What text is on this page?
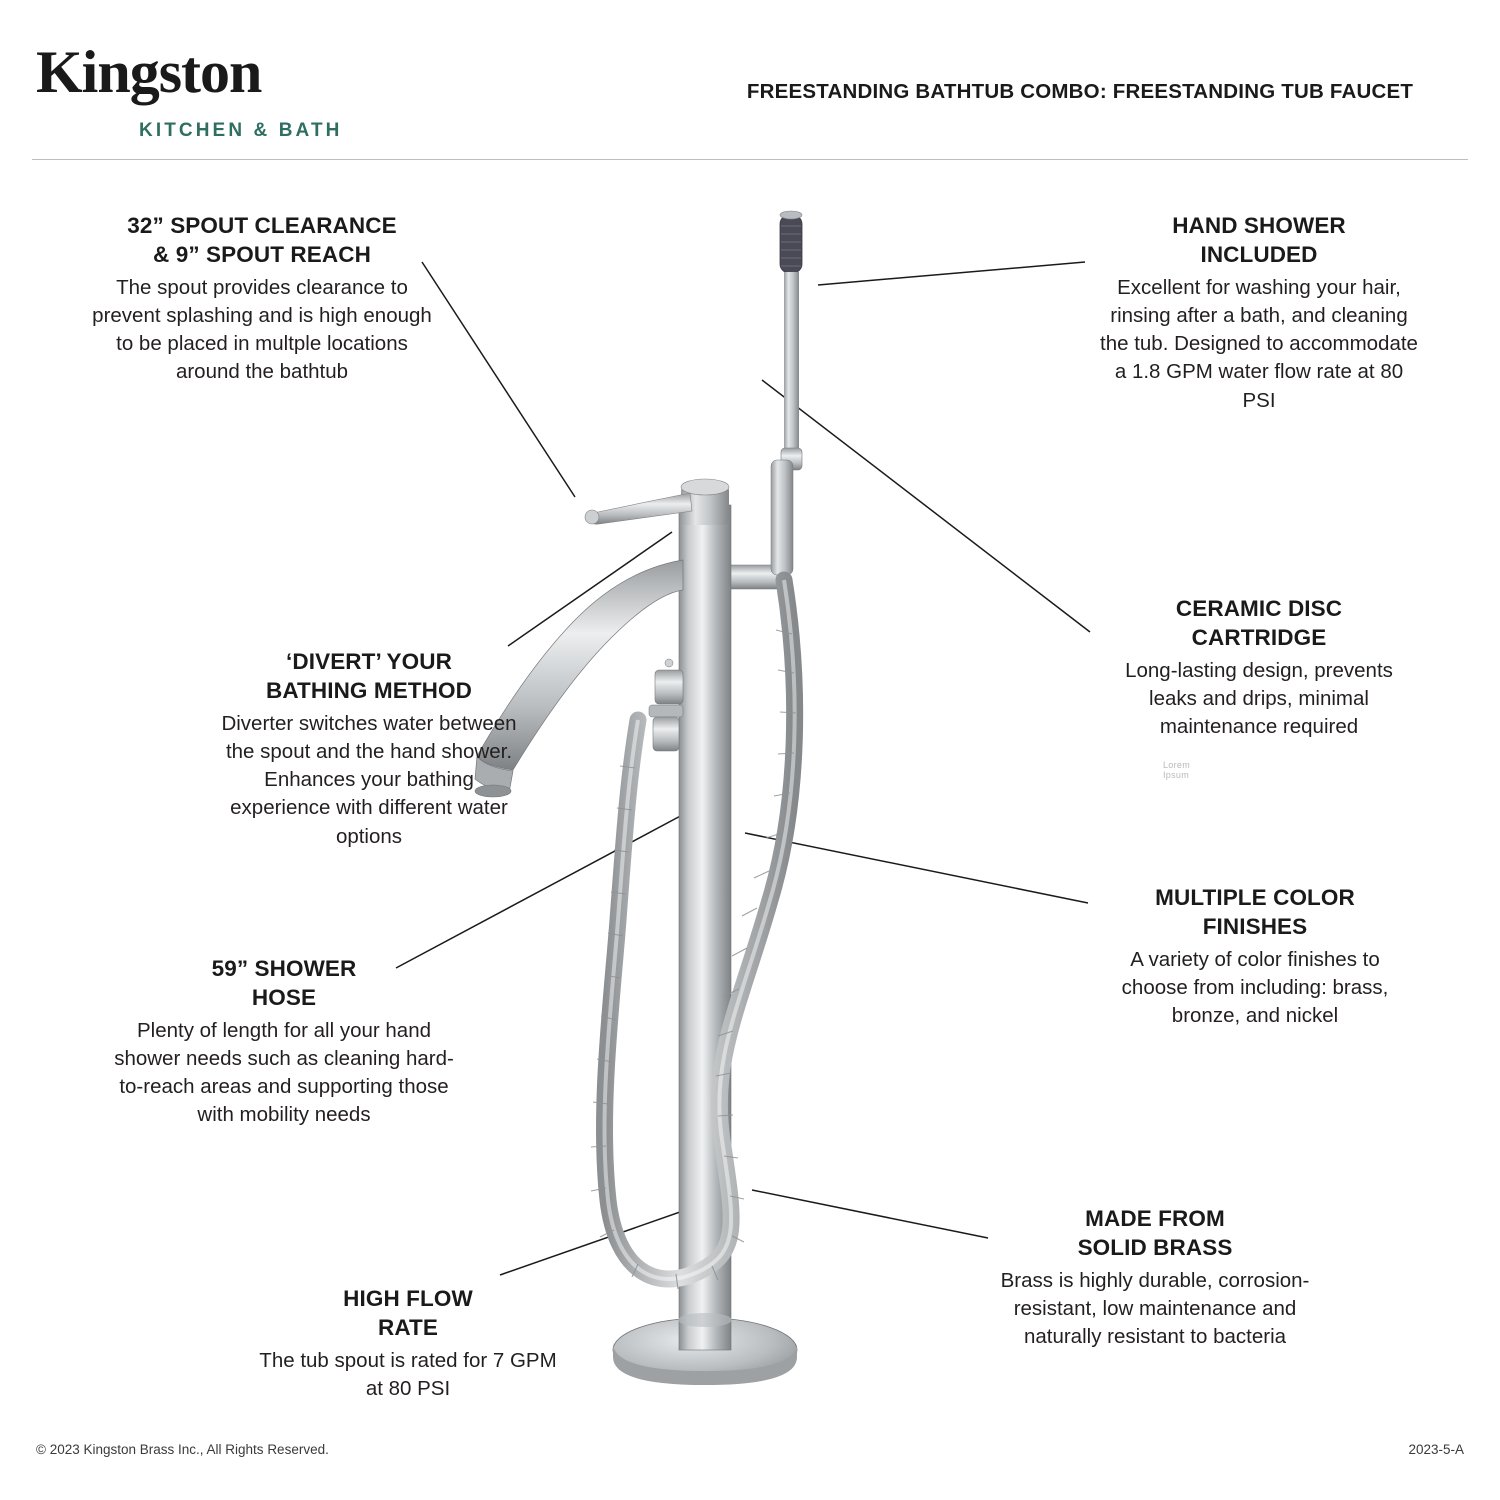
Kingston
KITCHEN & BATH
FREESTANDING BATHTUB COMBO: FREESTANDING TUB FAUCET
Lorem Ipsum
32” SPOUT CLEARANCE
& 9” SPOUT REACH
The spout provides clearance to prevent splashing and is high enough to be placed in multple locations around the bathtub
‘DIVERT’ YOUR
BATHING METHOD
Diverter switches water between the spout and the hand shower. Enhances your bathing experience with different water options
59” SHOWER
HOSE
Plenty of length for all your hand shower needs such as cleaning hard-to-reach areas and supporting those with mobility needs
HIGH FLOW
RATE
The tub spout is rated for 7 GPM at 80 PSI
HAND SHOWER
INCLUDED
Excellent for washing your hair, rinsing after a bath, and cleaning the tub. Designed to accommodate a 1.8 GPM water flow rate at 80 PSI
CERAMIC DISC
CARTRIDGE
Long-lasting design, prevents leaks and drips, minimal maintenance required
MULTIPLE COLOR
FINISHES
A variety of color finishes to choose from including: brass, bronze, and nickel
MADE FROM
SOLID BRASS
Brass is highly durable, corrosion-resistant, low maintenance and naturally resistant to bacteria
© 2023 Kingston Brass Inc., All Rights Reserved.	2023-5-A
